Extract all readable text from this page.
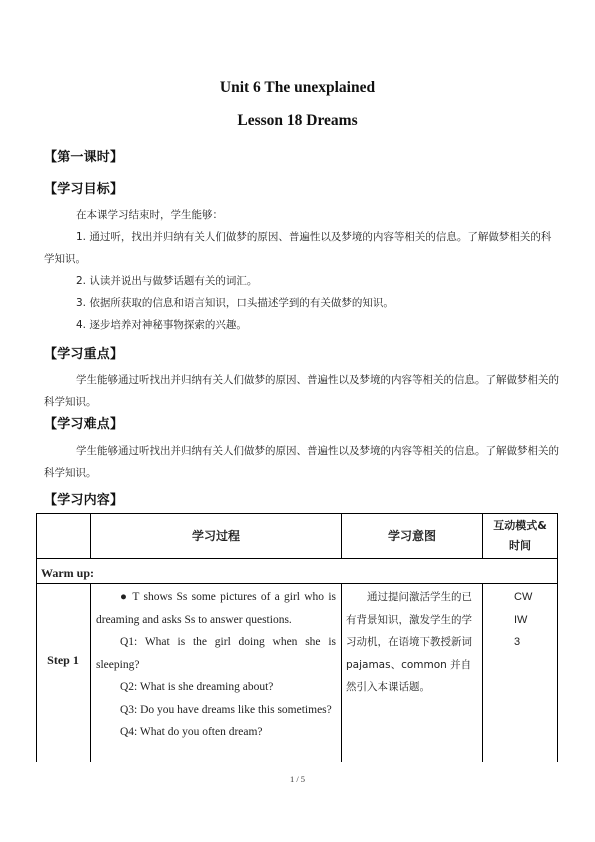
Unit 6 The unexplained
Lesson 18 Dreams
【第一课时】
【学习目标】
在本课学习结束时，学生能够：
1. 通过听，找出并归纳有关人们做梦的原因、普遍性以及梦境的内容等相关的信息。了解做梦相关的科学知识。
2. 认读并说出与做梦话题有关的词汇。
3. 依据所获取的信息和语言知识，口头描述学到的有关做梦的知识。
4. 逐步培养对神秘事物探索的兴趣。
【学习重点】
学生能够通过听找出并归纳有关人们做梦的原因、普遍性以及梦境的内容等相关的信息。了解做梦相关的科学知识。
【学习难点】
学生能够通过听找出并归纳有关人们做梦的原因、普遍性以及梦境的内容等相关的信息。了解做梦相关的科学知识。
【学习内容】
学习过程	学习意图
互动模式&
时间
Warm up:
Step 1

● T shows Ss some pictures of a girl who is dreaming and asks Ss to answer questions.

Q1: What is the girl doing when she is sleeping?

Q2: What is she dreaming about?

Q3: Do you have dreams like this sometimes?

Q4: What do you often dream?

通过提问激活学生的已有背景知识，激发学生的学习动机，在语境下教授新词 pajamas、common 并自然引入本课话题。

CW
IW
3
1 / 5
